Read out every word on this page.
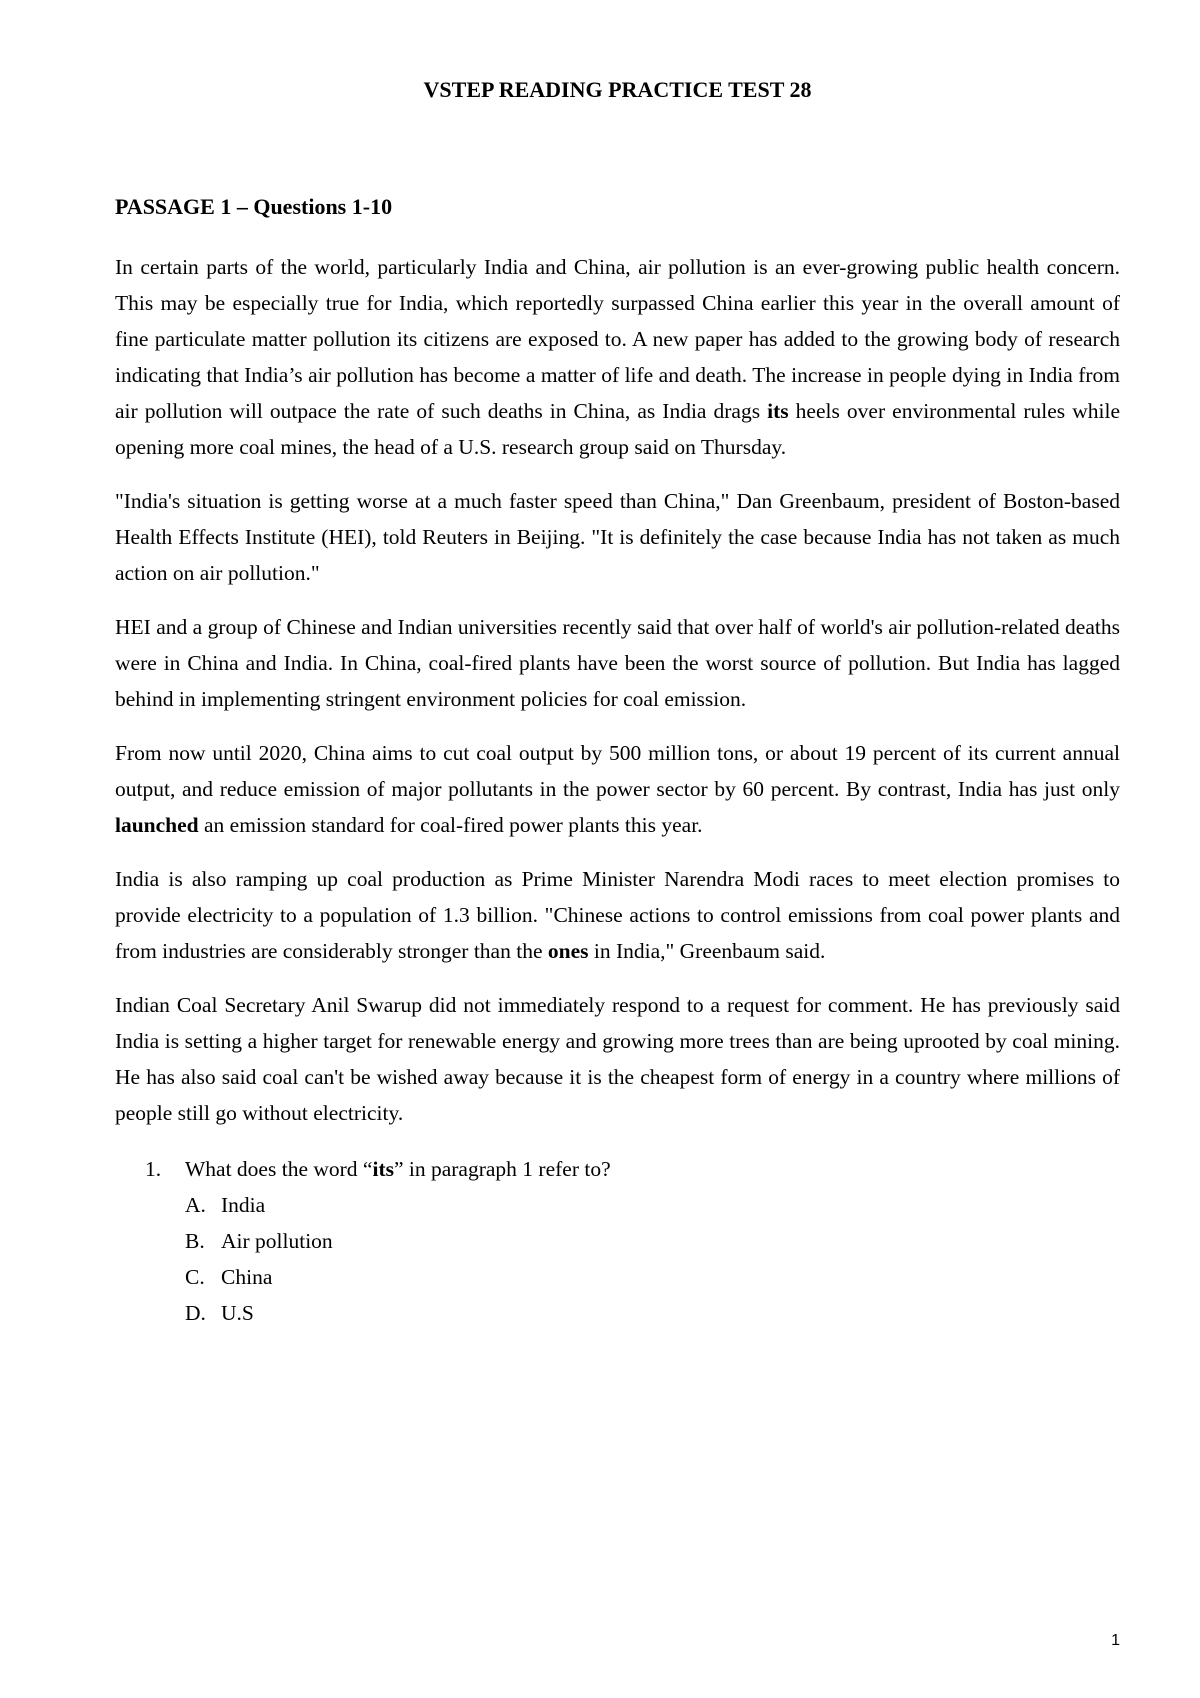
VSTEP READING PRACTICE TEST 28
PASSAGE 1 – Questions 1-10

In certain parts of the world, particularly India and China, air pollution is an ever-growing public health concern. This may be especially true for India, which reportedly surpassed China earlier this year in the overall amount of fine particulate matter pollution its citizens are exposed to. A new paper has added to the growing body of research indicating that India’s air pollution has become a matter of life and death. The increase in people dying in India from air pollution will outpace the rate of such deaths in China, as India drags its heels over environmental rules while opening more coal mines, the head of a U.S. research group said on Thursday.

"India's situation is getting worse at a much faster speed than China," Dan Greenbaum, president of Boston-based Health Effects Institute (HEI), told Reuters in Beijing. "It is definitely the case because India has not taken as much action on air pollution."

HEI and a group of Chinese and Indian universities recently said that over half of world's air pollution-related deaths were in China and India. In China, coal-fired plants have been the worst source of pollution. But India has lagged behind in implementing stringent environment policies for coal emission.

From now until 2020, China aims to cut coal output by 500 million tons, or about 19 percent of its current annual output, and reduce emission of major pollutants in the power sector by 60 percent. By contrast, India has just only launched an emission standard for coal-fired power plants this year.

India is also ramping up coal production as Prime Minister Narendra Modi races to meet election promises to provide electricity to a population of 1.3 billion. "Chinese actions to control emissions from coal power plants and from industries are considerably stronger than the ones in India," Greenbaum said.

Indian Coal Secretary Anil Swarup did not immediately respond to a request for comment. He has previously said India is setting a higher target for renewable energy and growing more trees than are being uprooted by coal mining. He has also said coal can't be wished away because it is the cheapest form of energy in a country where millions of people still go without electricity.

1.	What does the word “its” in paragraph 1 refer to?
A. India
B. Air pollution
C. China
D. U.S
1
